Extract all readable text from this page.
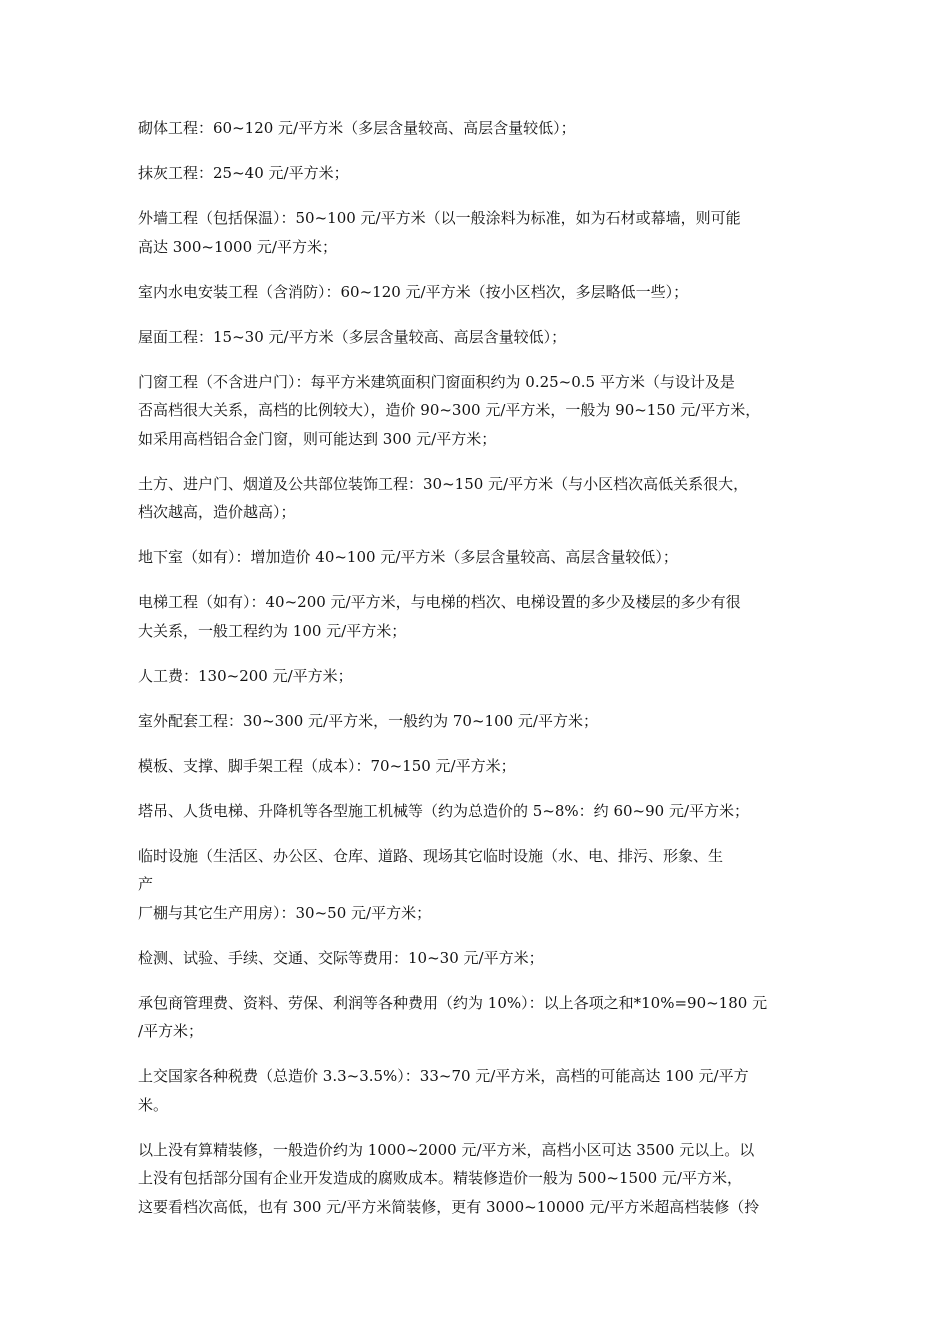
砌体工程：60~120 元/平方米（多层含量较高、高层含量较低）；

抹灰工程：25~40 元/平方米；

外墙工程（包括保温）：50~100 元/平方米（以一般涂料为标准，如为石材或幕墙，则可能
高达 300~1000 元/平方米；

室内水电安装工程（含消防）：60~120 元/平方米（按小区档次，多层略低一些）；

屋面工程：15~30 元/平方米（多层含量较高、高层含量较低）；

门窗工程（不含进户门）：每平方米建筑面积门窗面积约为 0.25~0.5 平方米（与设计及是
否高档很大关系，高档的比例较大），造价 90~300 元/平方米，一般为 90~150 元/平方米，
如采用高档铝合金门窗，则可能达到 300 元/平方米；

土方、进户门、烟道及公共部位装饰工程：30~150 元/平方米（与小区档次高低关系很大，
档次越高，造价越高）；

地下室（如有）：增加造价 40~100 元/平方米（多层含量较高、高层含量较低）；

电梯工程（如有）：40~200 元/平方米，与电梯的档次、电梯设置的多少及楼层的多少有很
大关系，一般工程约为 100 元/平方米；

人工费：130~200 元/平方米；

室外配套工程：30~300 元/平方米，一般约为 70~100 元/平方米；

模板、支撑、脚手架工程（成本）：70~150 元/平方米；

塔吊、人货电梯、升降机等各型施工机械等（约为总造价的 5~8%：约 60~90 元/平方米；

临时设施（生活区、办公区、仓库、道路、现场其它临时设施（水、电、排污、形象、生
产
厂棚与其它生产用房）：30~50 元/平方米；

检测、试验、手续、交通、交际等费用：10~30 元/平方米；

承包商管理费、资料、劳保、利润等各种费用（约为 10%）：以上各项之和*10%=90~180 元
/平方米；

上交国家各种税费（总造价 3.3~3.5%）：33~70 元/平方米，高档的可能高达 100 元/平方
米。

以上没有算精装修，一般造价约为 1000~2000 元/平方米，高档小区可达 3500 元以上。以
上没有包括部分国有企业开发造成的腐败成本。精装修造价一般为 500~1500 元/平方米，
这要看档次高低，也有 300 元/平方米简装修，更有 3000~10000 元/平方米超高档装修（拎
